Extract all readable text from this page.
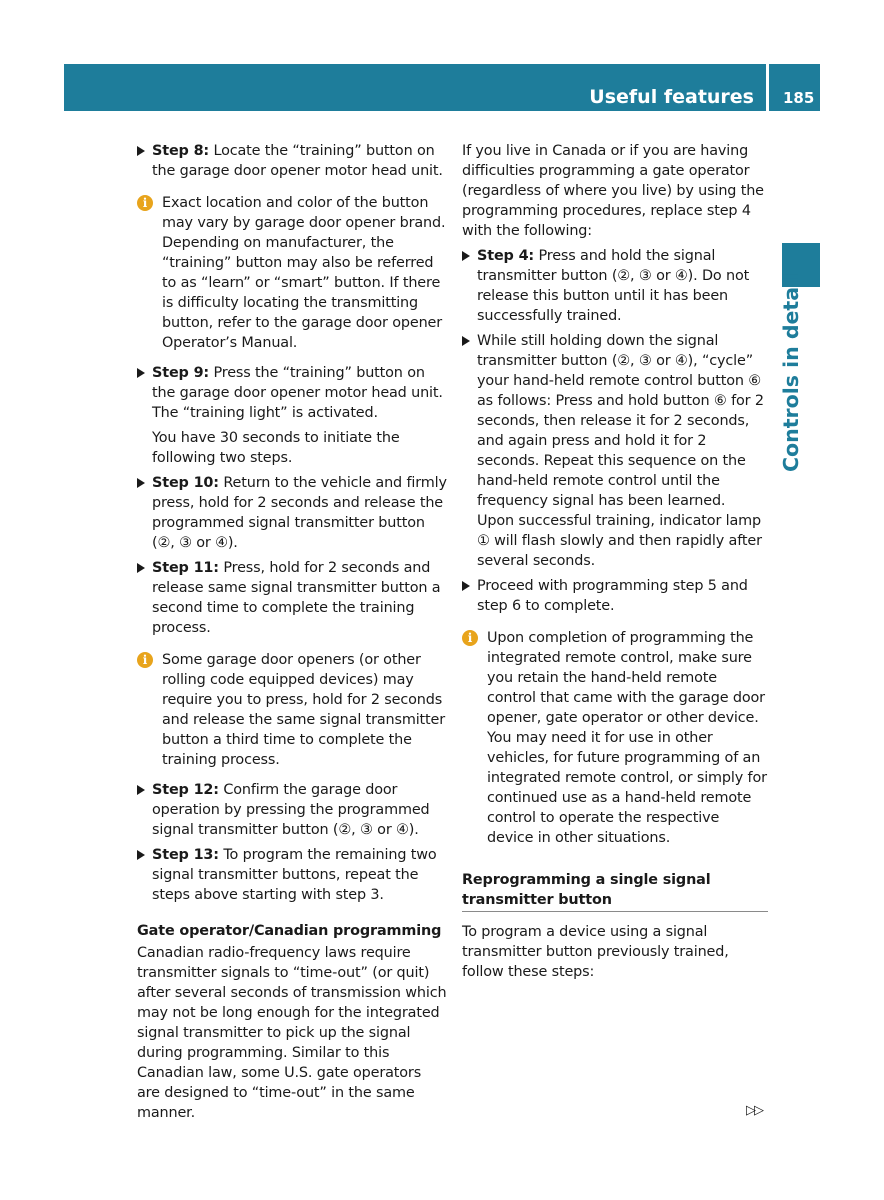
Useful features 185
Controls in detail
Step 8: Locate the “training” button on the garage door opener motor head unit.
i	Exact location and color of the button may vary by garage door opener brand. Depending on manufacturer, the “training” button may also be referred to as “learn” or “smart” button. If there is difficulty locating the transmitting button, refer to the garage door opener Operator’s Manual.
Step 9: Press the “training” button on the garage door opener motor head unit.
The “training light” is activated.
You have 30 seconds to initiate the following two steps.
Step 10: Return to the vehicle and firmly press, hold for 2 seconds and release the programmed signal transmitter button (②, ③ or ④).
Step 11: Press, hold for 2 seconds and release same signal transmitter button a second time to complete the training process.
i	Some garage door openers (or other rolling code equipped devices) may require you to press, hold for 2 seconds and release the same signal transmitter button a third time to complete the training process.
Step 12: Confirm the garage door operation by pressing the programmed signal transmitter button (②, ③ or ④).
Step 13: To program the remaining two signal transmitter buttons, repeat the steps above starting with step 3.
Gate operator/Canadian programming
Canadian radio-frequency laws require transmitter signals to “time-out” (or quit) after several seconds of transmission which may not be long enough for the integrated signal transmitter to pick up the signal during programming. Similar to this Canadian law, some U.S. gate operators are designed to “time-out” in the same manner.
If you live in Canada or if you are having difficulties programming a gate operator (regardless of where you live) by using the programming procedures, replace step 4 with the following:
Step 4: Press and hold the signal transmitter button (②, ③ or ④). Do not release this button until it has been successfully trained.
While still holding down the signal transmitter button (②, ③ or ④), “cycle” your hand-held remote control button ⑥ as follows: Press and hold button ⑥ for 2 seconds, then release it for 2 seconds, and again press and hold it for 2 seconds. Repeat this sequence on the hand-held remote control until the frequency signal has been learned.
Upon successful training, indicator lamp ① will flash slowly and then rapidly after several seconds.
Proceed with programming step 5 and step 6 to complete.
i	Upon completion of programming the integrated remote control, make sure you retain the hand-held remote control that came with the garage door opener, gate operator or other device. You may need it for use in other vehicles, for future programming of an integrated remote control, or simply for continued use as a hand-held remote control to operate the respective device in other situations.
Reprogramming a single signal transmitter button
To program a device using a signal transmitter button previously trained, follow these steps:
▷▷
